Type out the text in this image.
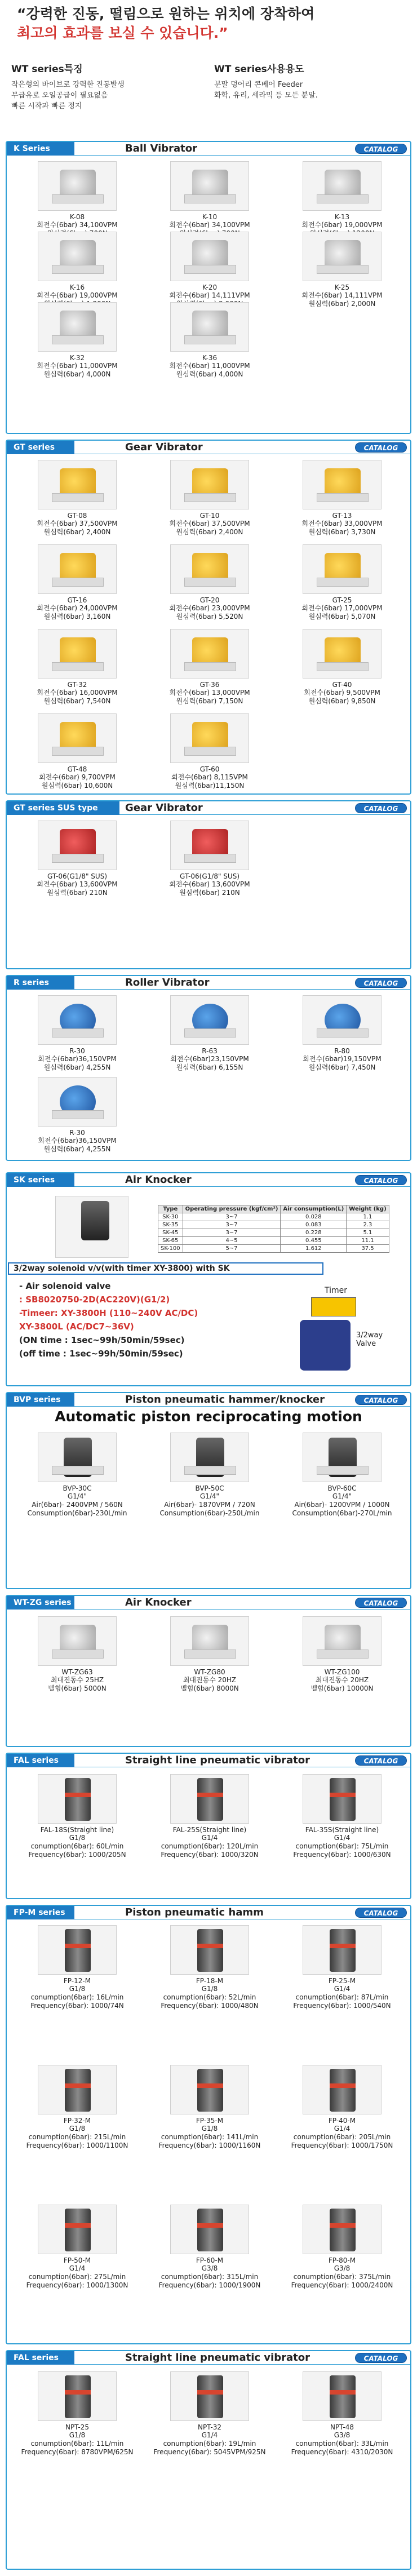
“강력한 진동, 떨림으로 원하는 위치에 장착하여
최고의 효과를 보실 수 있습니다.”
WT series특징

작은형의 바이브로 강력한 진동발생

무급유로 오일공급이 필요없음

빠른 시작과 빠른 정지

WT series사용용도

분말 덩어리 콘베어 Feeder

화학, 유리, 세라믹 등 모든 분말.

K Series	Ball Vibrator	CATALOG
K-08
회전수(6bar) 34,100VPM
K-10
회전수(6bar) 34,100VPM
K-13
회전수(6bar) 19,000VPM
K-16
회전수(6bar) 19,000VPM
K-20
회전수(6bar) 14,111VPM
K-25
회전수(6bar) 14,111VPM
원심력(6bar) 2,000N
K-32
회전수(6bar) 11,000VPM
원심력(6bar) 4,000N
K-36
회전수(6bar) 11,000VPM
원심력(6bar) 4,000N
GT series	Gear Vibrator	CATALOG
GT-08
회전수(6bar) 37,500VPM
원심력(6bar) 2,400N
GT-10
회전수(6bar) 37,500VPM
원심력(6bar) 2,400N
GT-13
회전수(6bar) 33,000VPM
원심력(6bar) 3,730N
GT-16
회전수(6bar) 24,000VPM
원심력(6bar) 3,160N
GT-20
회전수(6bar) 23,000VPM
원심력(6bar) 5,520N
GT-25
회전수(6bar) 17,000VPM
원심력(6bar) 5,070N
GT-32
회전수(6bar) 16,000VPM
원심력(6bar) 7,540N
GT-36
회전수(6bar) 13,000VPM
원심력(6bar) 7,150N
GT-40
회전수(6bar) 9,500VPM
원심력(6bar) 9,850N
GT-48
회전수(6bar) 9,700VPM
원심력(6bar) 10,600N
GT-60
회전수(6bar) 8,115VPM
원심력(6bar)11,150N
GT series SUS type	Gear Vibrator	CATALOG
GT-06(G1/8" SUS)
회전수(6bar) 13,600VPM
원심력(6bar) 210N
GT-06(G1/8" SUS)
회전수(6bar) 13,600VPM
원심력(6bar) 210N
R series	Roller Vibrator	CATALOG
R-30
회전수(6bar)36,150VPM
원심력(6bar) 4,255N
R-63
회전수(6bar)23,150VPM
원심력(6bar) 6,155N
R-80
회전수(6bar)19,150VPM
원심력(6bar) 7,450N
R-30
회전수(6bar)36,150VPM
원심력(6bar) 4,255N
SK series	Air Knocker	CATALOG
Type	Operating pressure (kgf/cm²)	Air consumption(L)	Weight (kg)
SK-30	3~7	0.028	1.1
SK-35	3~7	0.083	2.3
SK-45	3~7	0.228	5.1
SK-65	4~5	0.455	11.1
SK-100	5~7	1.612	37.5
3/2way solenoid v/v(with timer XY-3800) with SK
- Air solenoid valve
: SB8020750-2D(AC220V)(G1/2)
-Timeer: XY-3800H (110~240V AC/DC)
XY-3800L (AC/DC7~36V)
(ON time : 1sec~99h/50min/59sec)
(off time : 1sec~99h/50min/59sec)
Timer
3/2way Valve
BVP series	Piston pneumatic hammer/knocker	CATALOG
Automatic piston reciprocating motion
BVP-30C
G1/4"
Air(6bar)- 2400VPM / 560N
Consumption(6bar)-230L/min
BVP-50C
G1/4"
Air(6bar)- 1870VPM / 720N
Consumption(6bar)-250L/min
BVP-60C
G1/4"
Air(6bar)- 1200VPM / 1000N
Consumption(6bar)-270L/min
WT-ZG series	Air Knocker	CATALOG
WT-ZG63
최대진동수 25HZ
벨힘(6bar) 5000N
WT-ZG80
최대진동수 20HZ
벨힘(6bar) 8000N
WT-ZG100
최대진동수 20HZ
벨힘(6bar) 10000N
FAL series	Straight line pneumatic vibrator	CATALOG
FAL-18S(Straight line)
G1/8
conumption(6bar): 60L/min
Frequency(6bar): 1000/205N
FAL-25S(Straight line)
G1/4
conumption(6bar): 120L/min
Frequency(6bar): 1000/320N
FAL-35S(Straight line)
G1/4
conumption(6bar): 75L/min
Frequency(6bar): 1000/630N
FP-M series	Piston pneumatic hamm	CATALOG
FP-12-M
G1/8
conumption(6bar): 16L/min
Frequency(6bar): 1000/74N
FP-18-M
G1/8
conumption(6bar): 52L/min
Frequency(6bar): 1000/480N
FP-25-M
G1/4
conumption(6bar): 87L/min
Frequency(6bar): 1000/540N
FP-32-M
G1/8
conumption(6bar): 215L/min
Frequency(6bar): 1000/1100N
FP-35-M
G1/8
conumption(6bar): 141L/min
Frequency(6bar): 1000/1160N
FP-40-M
G1/4
conumption(6bar): 205L/min
Frequency(6bar): 1000/1750N
FP-50-M
G1/4
conumption(6bar): 275L/min
Frequency(6bar): 1000/1300N
FP-60-M
G3/8
conumption(6bar): 315L/min
Frequency(6bar): 1000/1900N
FP-80-M
G3/8
conumption(6bar): 375L/min
Frequency(6bar): 1000/2400N
FAL series	Straight line pneumatic vibrator	CATALOG
NPT-25
G1/8
conumption(6bar): 11L/min
Frequency(6bar): 8780VPM/625N
NPT-32
G1/4
conumption(6bar): 19L/min
Frequency(6bar): 5045VPM/925N
NPT-48
G3/8
conumption(6bar): 33L/min
Frequency(6bar): 4310/2030N
